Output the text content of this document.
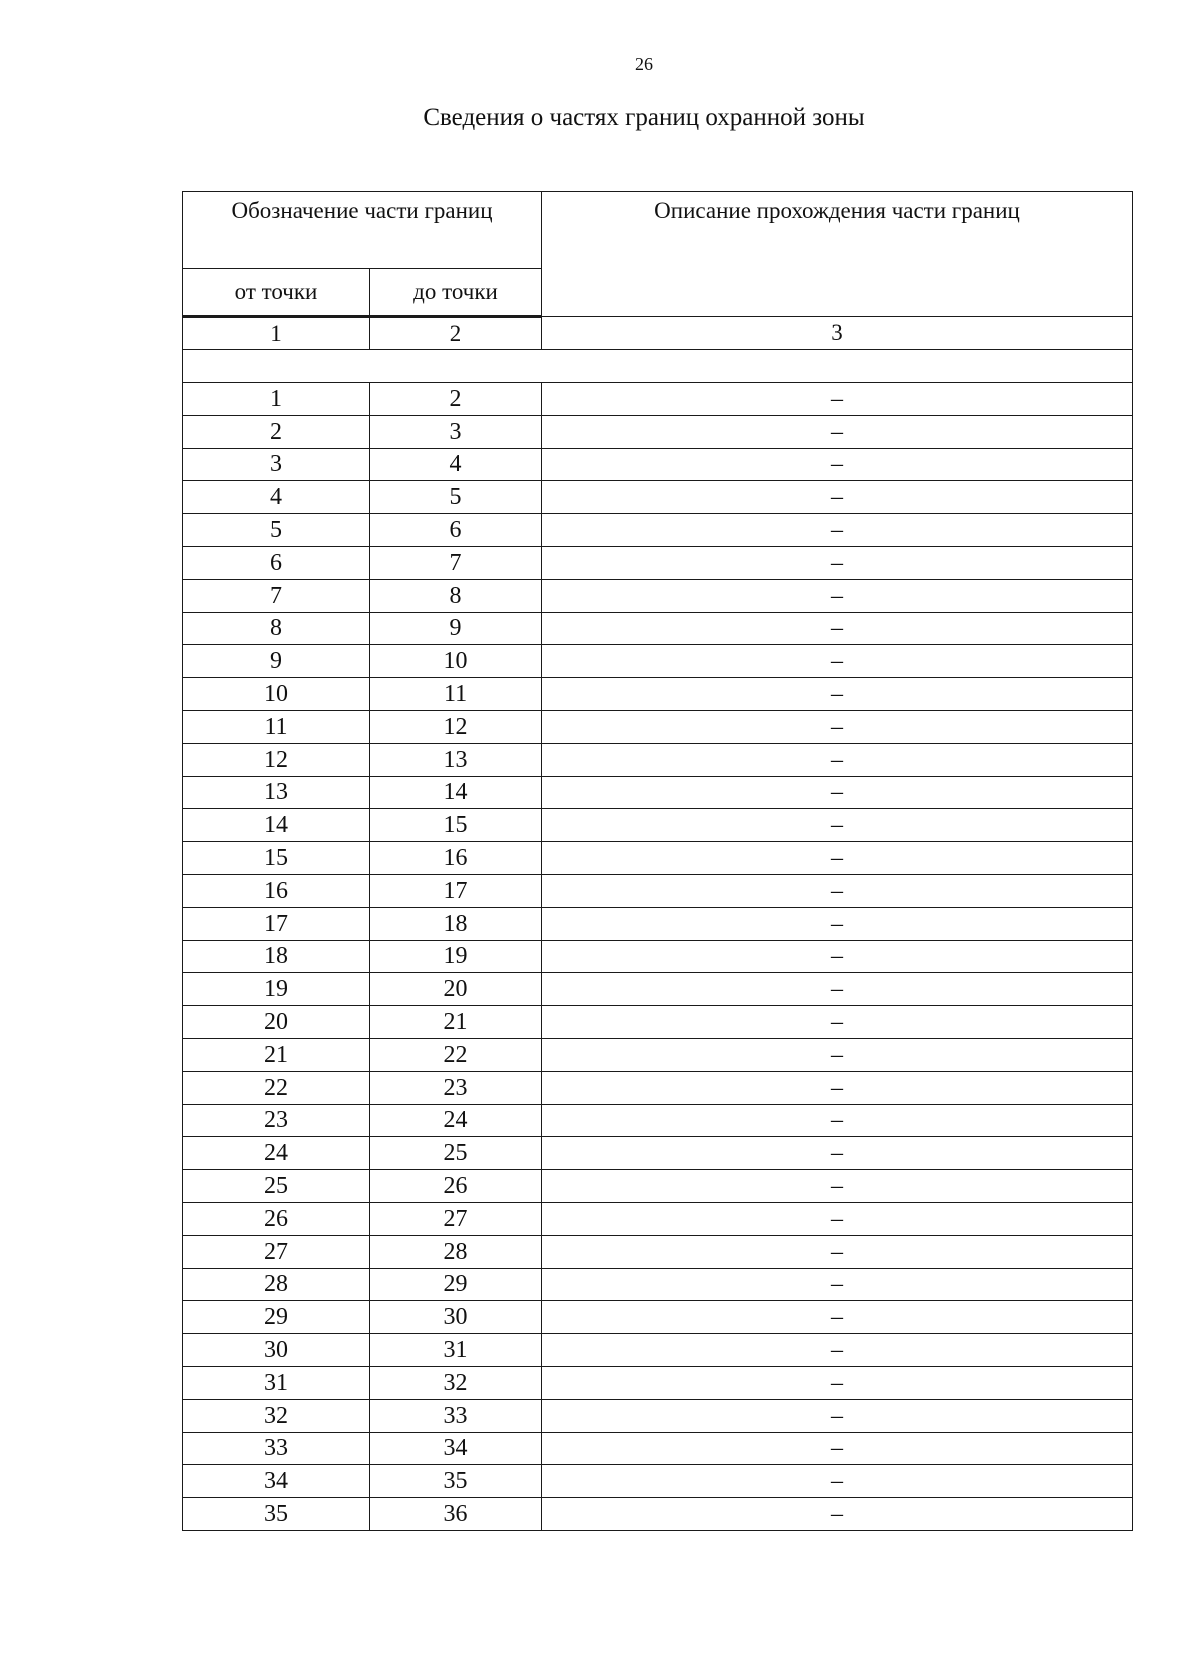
26
Сведения о частях границ охранной зоны
Обозначение части границ		Описание прохождения части границ
от точки	до точки	
1	2	3

1	2	–
2	3	–
3	4	–
4	5	–
5	6	–
6	7	–
7	8	–
8	9	–
9	10	–
10	11	–
11	12	–
12	13	–
13	14	–
14	15	–
15	16	–
16	17	–
17	18	–
18	19	–
19	20	–
20	21	–
21	22	–
22	23	–
23	24	–
24	25	–
25	26	–
26	27	–
27	28	–
28	29	–
29	30	–
30	31	–
31	32	–
32	33	–
33	34	–
34	35	–
35	36	–
